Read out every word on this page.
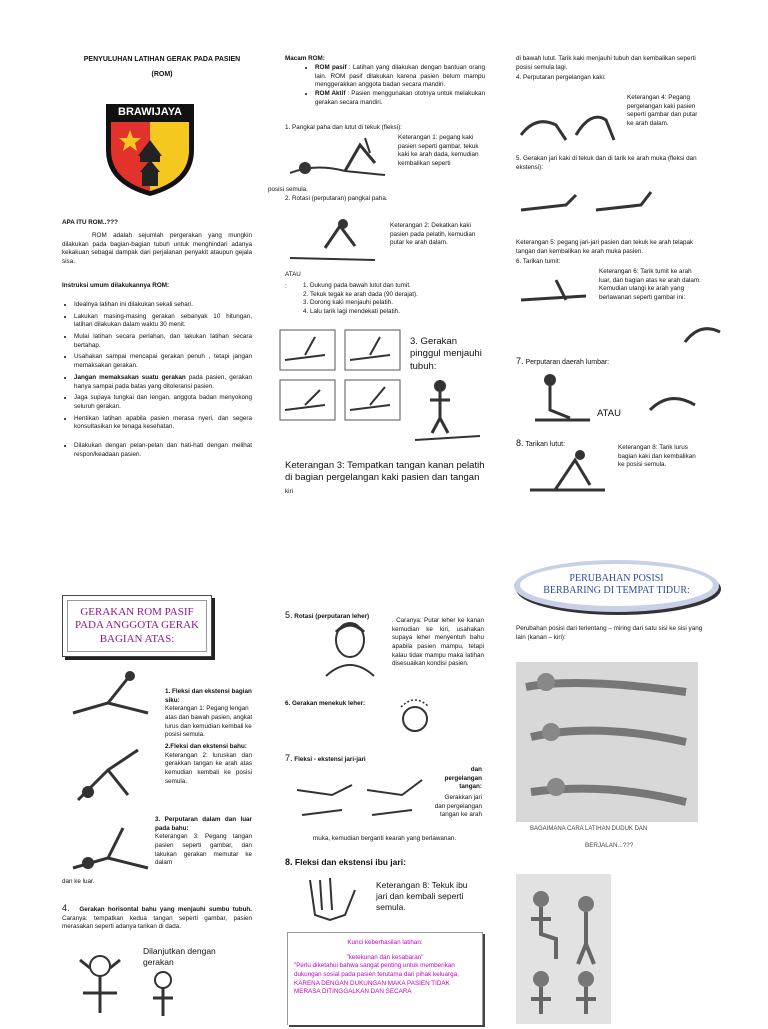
PENYULUHAN LATIHAN GERAK PADA PASIEN
(ROM)
BRAWIJAYA
APA ITU ROM..???
ROM adalah sejumlah pergerakan yang mungkin dilakukan pada bagian-bagian tubuh untuk menghindari adanya kekakuan sebagai dampak dari perjalanan penyakit ataupun gejala sisa.
Instruksi umum dilakukannya ROM:
• Idealnya latihan ini dilakukan sekali sehari.
• Lakukan masing-masing gerakan sebanyak 10 hitungan, latihan dilakukan dalam waktu 30 menit.
• Mulai latihan secara perlahan, dan lakukan latihan secara bertahap.
• Usahakan sampai mencapai gerakan penuh , tetapi jangan memaksakan gerakan.
• Jangan memaksakan suatu gerakan pada pasien, gerakan hanya sampai pada batas yang ditoleransi pasien.
• Jaga supaya tungkai dan lengan, anggota badan menyokong seluruh gerakan.
• Hentikan latihan apabila pasien merasa nyeri, dan segera konsultasikan ke tenaga kesehatan.
• Dilakukan dengan pelan-pelan dan hati-hati dengan melihat respon/keadaan pasien.
Macam ROM:
• ROM pasif : Latihan yang dilakukan dengan bantuan orang lain. ROM pasif dilakukan karena pasien belum mampu menggerakkan anggota badan secara mandiri.
• ROM Aktif : Pasien menggunakan ototnya untuk melakukan gerakan secara mandiri.
1. Pangkal paha dan lutut di tekuk (fleksi):
Keterangan 1: pegang kaki pasien seperti gambar, tekuk kaki ke arah dada, kemudian kembalikan seperti
posisi semula.
2. Rotasi (perputaran) pangkal paha.
Keterangan 2: Dekatkan kaki pasien pada pelatih, kemudian putar ke arah dalam.
ATAU
:
1.	Dukung pada bawah lutut dan tumit.
2. Tekuk tegak ke arah dada (90 derajat).
3. Dorong kaki menjauhi pelatih.
4. Lalu tarik lagi mendekati pelatih.
3. Gerakan pinggul menjauhi tubuh:
Keterangan 3: Tempatkan tangan kanan pelatih di bagian pergelangan kaki pasien dan tangan kiri
di bawah lutut. Tarik kaki menjauhi tubuh dan kembalikan seperti posisi semula lagi.
4. Perputaran pergelangan kaki:
Keterangan 4: Pegang pergelangan kaki pasien seperti gambar dan putar ke arah dalam.
5. Gerakan jari kaki di tekuk dan di tarik ke arah muka (fleksi dan ekstensi):
Keterangan 5: pegang jari-jari pasien dan tekuk ke arah telapak tangan dan kembalikan ke arah muka pasien.
6. Tarikan tumit:
Keterangan 6: Tarik tumit ke arah luar, dan bagian atas ke arah dalam. Kemudian ulangi ke arah yang berlawanan seperti gambar ini:
7. Perputaran daerah lumbar:
ATAU
8. Tarikan lutut:	Keterangan 8: Tarik lurus bagian kaki dan kembalikan ke posisi semula.
GERAKAN ROM PASIF PADA ANGGOTA GERAK BAGIAN ATAS:
1. Fleksi dan ekstensi bagian siku:
Keterangan 1: Pegang lengan atas dan bawah pasien, angkat lurus dan kemudian kembali ke posisi semula.
2.Fleksi dan ekstensi bahu:
Keterangan 2: luruskan dan gerakkan tangan ke arah atas kemudian kembali ke posisi semula.
3. Perputaran dalam dan luar pada bahu:
Keterangan 3: Pegang tangan pasien seperti gambar, dan lakukan gerakan memutar ke dalam
dan ke luar.
4. Gerakan horisontal bahu yang menjauhi sumbu tubuh. Caranya: tempatkan kedua tangan seperti gambar, pasien merasakan seperti adanya tarikan di dada.
Dilanjutkan dengan gerakan
5. Rotasi (perputaran leher)
. Caranya: Putar leher ke kanan kemudian ke kiri, usahakan supaya leher menyentuh bahu apabila pasien mampu, tetapi kalau tidak mampu maka latihan disesuaikan kondisi pasien.
6. Gerakan menekuk leher:
7. Fleksi - ekstensi jari-jari
dan pergelangan tangan:
Gerakkan jari dan pergelangan tangan ke arah
muka, kemudian berganti kearah yang berlawanan.
8. Fleksi dan ekstensi ibu jari:
Keterangan 8: Tekuk ibu jari dan kembali seperti semula.
Kunci keberhasilan latihan:
"ketekunan dan kesabaran"
"Perlu diketahui bahwa sangat penting untuk memberikan dukungan sosial pada pasien terutama dari pihak keluarga, KARENA DENGAN DUKUNGAN MAKA PASIEN TIDAK MERASA DITINGGALKAN DAN SECARA
PERUBAHAN POSISI BERBARING DI TEMPAT TIDUR:
Perubahan posisi dari terlentang – miring dari satu sisi ke sisi yang lain (kanan – kiri):
BAGAIMANA CARA LATIHAN DUDUK DAN
BERJALAN...???
